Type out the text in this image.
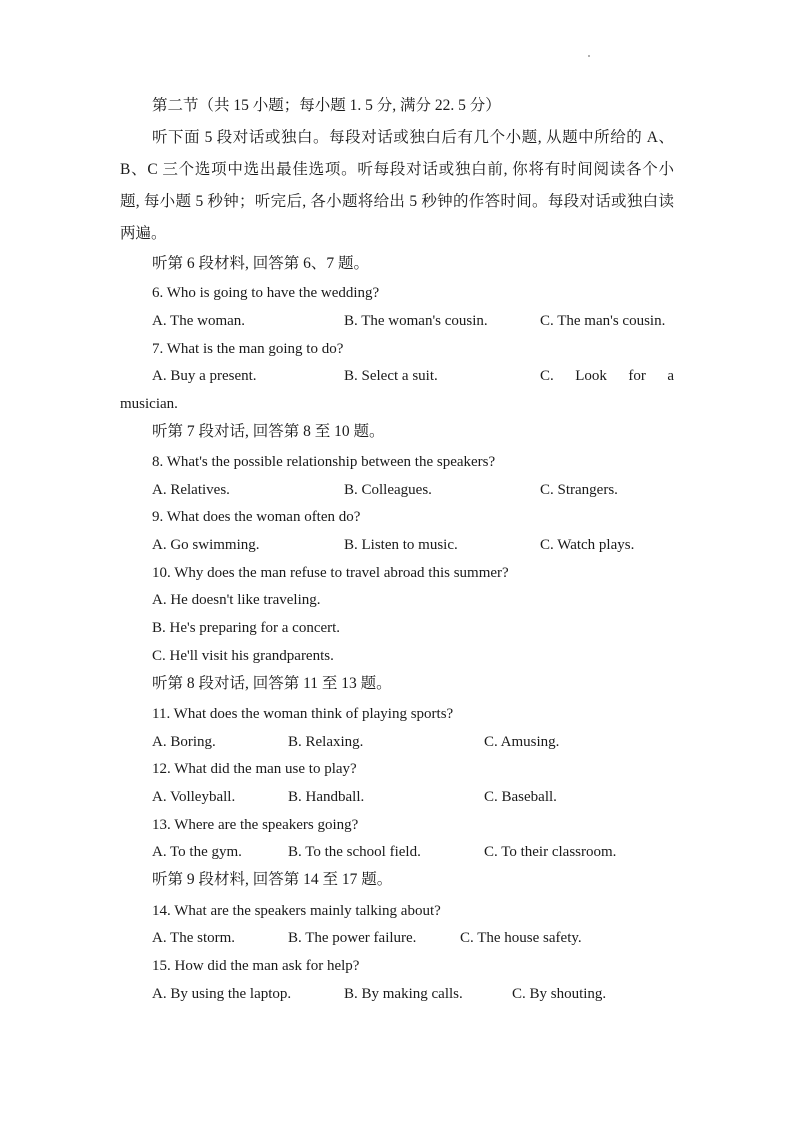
第二节（共 15 小题；每小题 1. 5 分, 满分 22. 5 分）
听下面 5 段对话或独白。每段对话或独白后有几个小题, 从题中所给的 A、
B、C 三个选项中选出最佳选项。听每段对话或独白前, 你将有时间阅读各个小
题, 每小题 5 秒钟；听完后, 各小题将给出 5 秒钟的作答时间。每段对话或独白读
两遍。
听第 6 段材料, 回答第 6、7 题。
6. Who is going to have the wedding?
A. The woman.	B. The woman's cousin.	C. The man's cousin.
7. What is the man going to do?
A. Buy a present.	B. Select a suit.	C. Look for a
musician.
听第 7 段对话, 回答第 8 至 10 题。
8. What's the possible relationship between the speakers?
A. Relatives.	B. Colleagues.	C. Strangers.
9. What does the woman often do?
A. Go swimming.	B. Listen to music.	C. Watch plays.
10. Why does the man refuse to travel abroad this summer?
A. He doesn't like traveling.
B. He's preparing for a concert.
C. He'll visit his grandparents.
听第 8 段对话, 回答第 11 至 13 题。
11. What does the woman think of playing sports?
A. Boring.	B. Relaxing.	C. Amusing.
12. What did the man use to play?
A. Volleyball.	B. Handball.	C. Baseball.
13. Where are the speakers going?
A. To the gym.	B. To the school field.	C. To their classroom.
听第 9 段材料, 回答第 14 至 17 题。
14. What are the speakers mainly talking about?
A. The storm.	B. The power failure.	C. The house safety.
15. How did the man ask for help?
A. By using the laptop.	B. By making calls.	C. By shouting.
